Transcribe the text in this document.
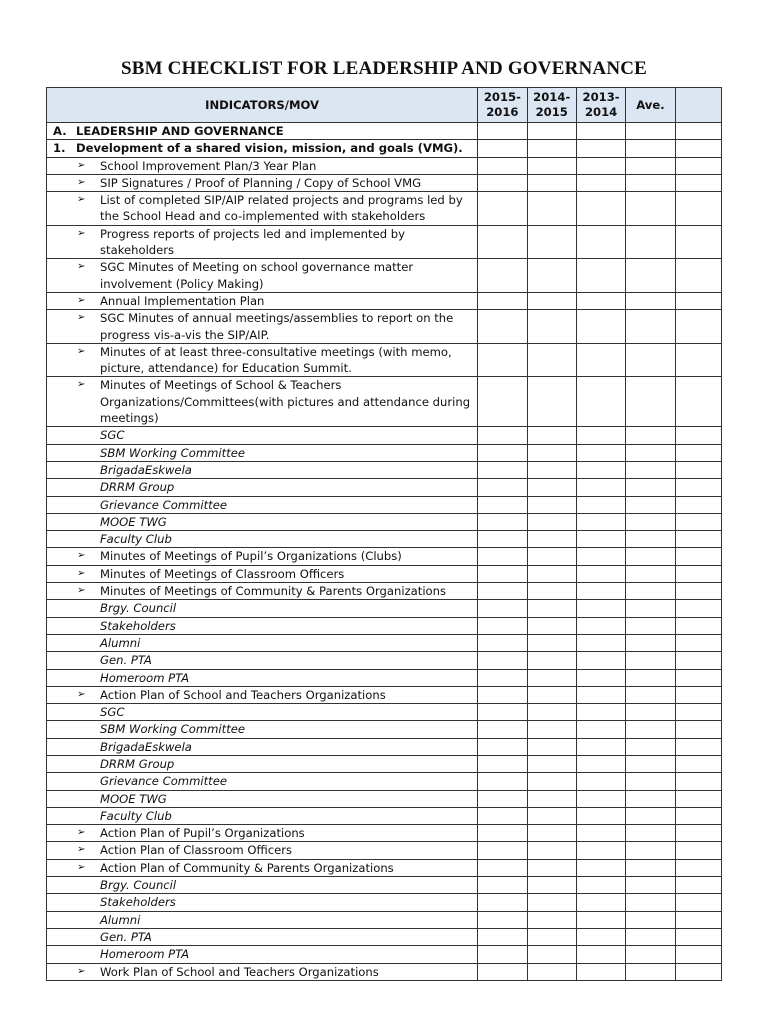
SBM CHECKLIST FOR LEADERSHIP AND GOVERNANCE
INDICATORS/MOV	2015-2016	2014-2015	2013-2014	Ave.	

A. LEADERSHIP AND GOVERNANCE					

1. Development of a shared vision, mission, and goals (VMG).					

➢ School Improvement Plan/3 Year Plan					

➢ SIP Signatures / Proof of Planning / Copy of School VMG					

➢ List of completed SIP/AIP related projects and programs led by the School Head and co-implemented with stakeholders					

➢ Progress reports of projects led and implemented by stakeholders					

➢ SGC Minutes of Meeting on school governance matter involvement (Policy Making)					

➢ Annual Implementation Plan					

➢ SGC Minutes of annual meetings/assemblies to report on the progress vis-a-vis the SIP/AIP.					

➢ Minutes of at least three-consultative meetings (with memo, picture, attendance) for Education Summit.					

➢ Minutes of Meetings of School & Teachers Organizations/Committees(with pictures and attendance during meetings)					

SGC					

SBM Working Committee					

BrigadaEskwela					

DRRM Group					

Grievance Committee					

MOOE TWG					

Faculty Club					

➢ Minutes of Meetings of Pupil’s Organizations (Clubs)					

➢ Minutes of Meetings of Classroom Officers					

➢ Minutes of Meetings of Community & Parents Organizations					

Brgy. Council					

Stakeholders					

Alumni					

Gen. PTA					

Homeroom PTA					

➢ Action Plan of School and Teachers Organizations					

SGC					

SBM Working Committee					

BrigadaEskwela					

DRRM Group					

Grievance Committee					

MOOE TWG					

Faculty Club					

➢ Action Plan of Pupil’s Organizations					

➢ Action Plan of Classroom Officers					

➢ Action Plan of Community & Parents Organizations					

Brgy. Council					

Stakeholders					

Alumni					

Gen. PTA					

Homeroom PTA					

➢ Work Plan of School and Teachers Organizations					
